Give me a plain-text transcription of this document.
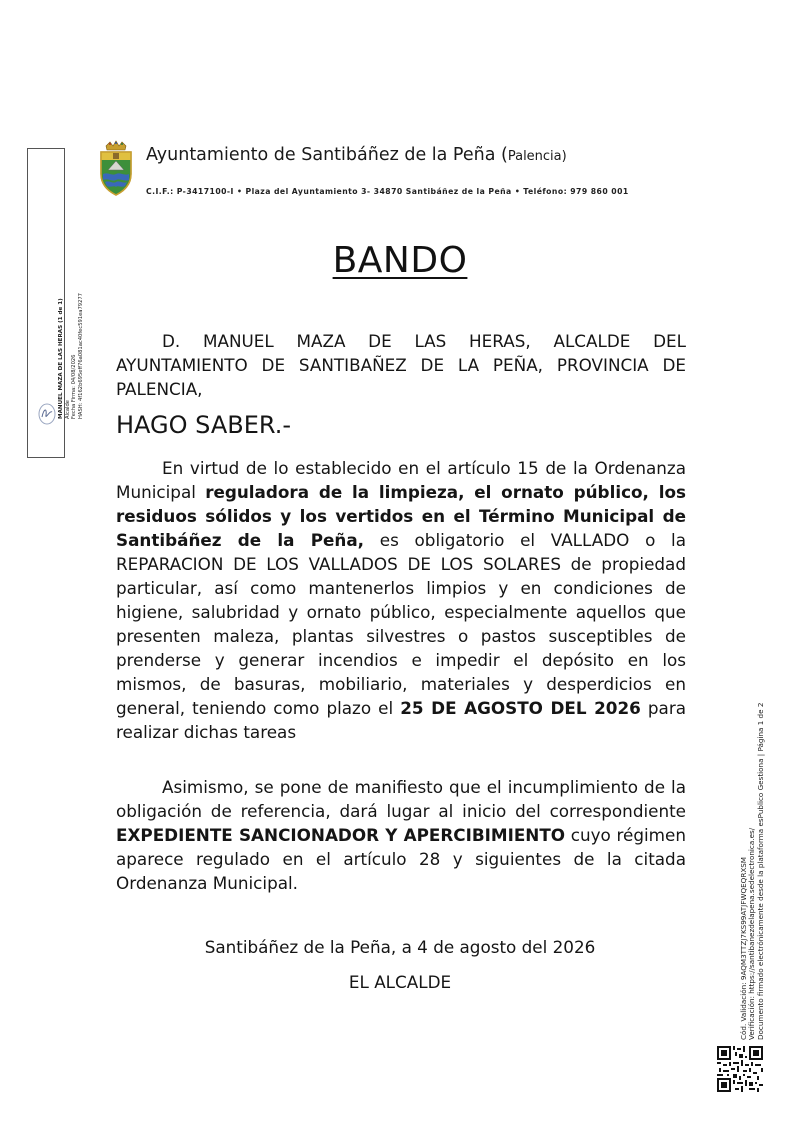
MANUEL MAZA DE LAS HERAS (1 de 1) Alcalde Fecha Firma: 04/08/2026 HASH: 4f162b695eff76a081ac40fec591ea79277
Ayuntamiento de Santibáñez de la Peña (Palencia)
C.I.F.: P-3417100-I • Plaza del Ayuntamiento 3- 34870 Santibáñez de la Peña • Teléfono: 979 860 001
BANDO
D. MANUEL MAZA DE LAS HERAS, ALCALDE DEL AYUNTAMIENTO DE SANTIBAÑEZ DE LA PEÑA, PROVINCIA DE PALENCIA,
HAGO SABER.-
En virtud de lo establecido en el artículo 15 de la Ordenanza Municipal reguladora de la limpieza, el ornato público, los residuos sólidos y los vertidos en el Término Municipal de Santibáñez de la Peña, es obligatorio el VALLADO o la REPARACION DE LOS VALLADOS DE LOS SOLARES de propiedad particular, así como mantenerlos limpios y en condiciones de higiene, salubridad y ornato público, especialmente aquellos que presenten maleza, plantas silvestres o pastos susceptibles de prenderse y generar incendios e impedir el depósito en los mismos, de basuras, mobiliario, materiales y desperdicios en general, teniendo como plazo el 25 DE AGOSTO DEL 2026 para realizar dichas tareas
Asimismo, se pone de manifiesto que el incumplimiento de la obligación de referencia, dará lugar al inicio del correspondiente EXPEDIENTE SANCIONADOR Y APERCIBIMIENTO cuyo régimen aparece regulado en el artículo 28 y siguientes de la citada Ordenanza Municipal.
Santibáñez de la Peña, a 4 de agosto del 2026
EL ALCALDE	Cód. Validación: 9AQM3TTZJ7KS99ATJFWQEQRXSM Verificación: https://santibanezdelapena.sedelectronica.es/ Documento firmado electrónicamente desde la plataforma esPublico Gestiona | Página 1 de 2
